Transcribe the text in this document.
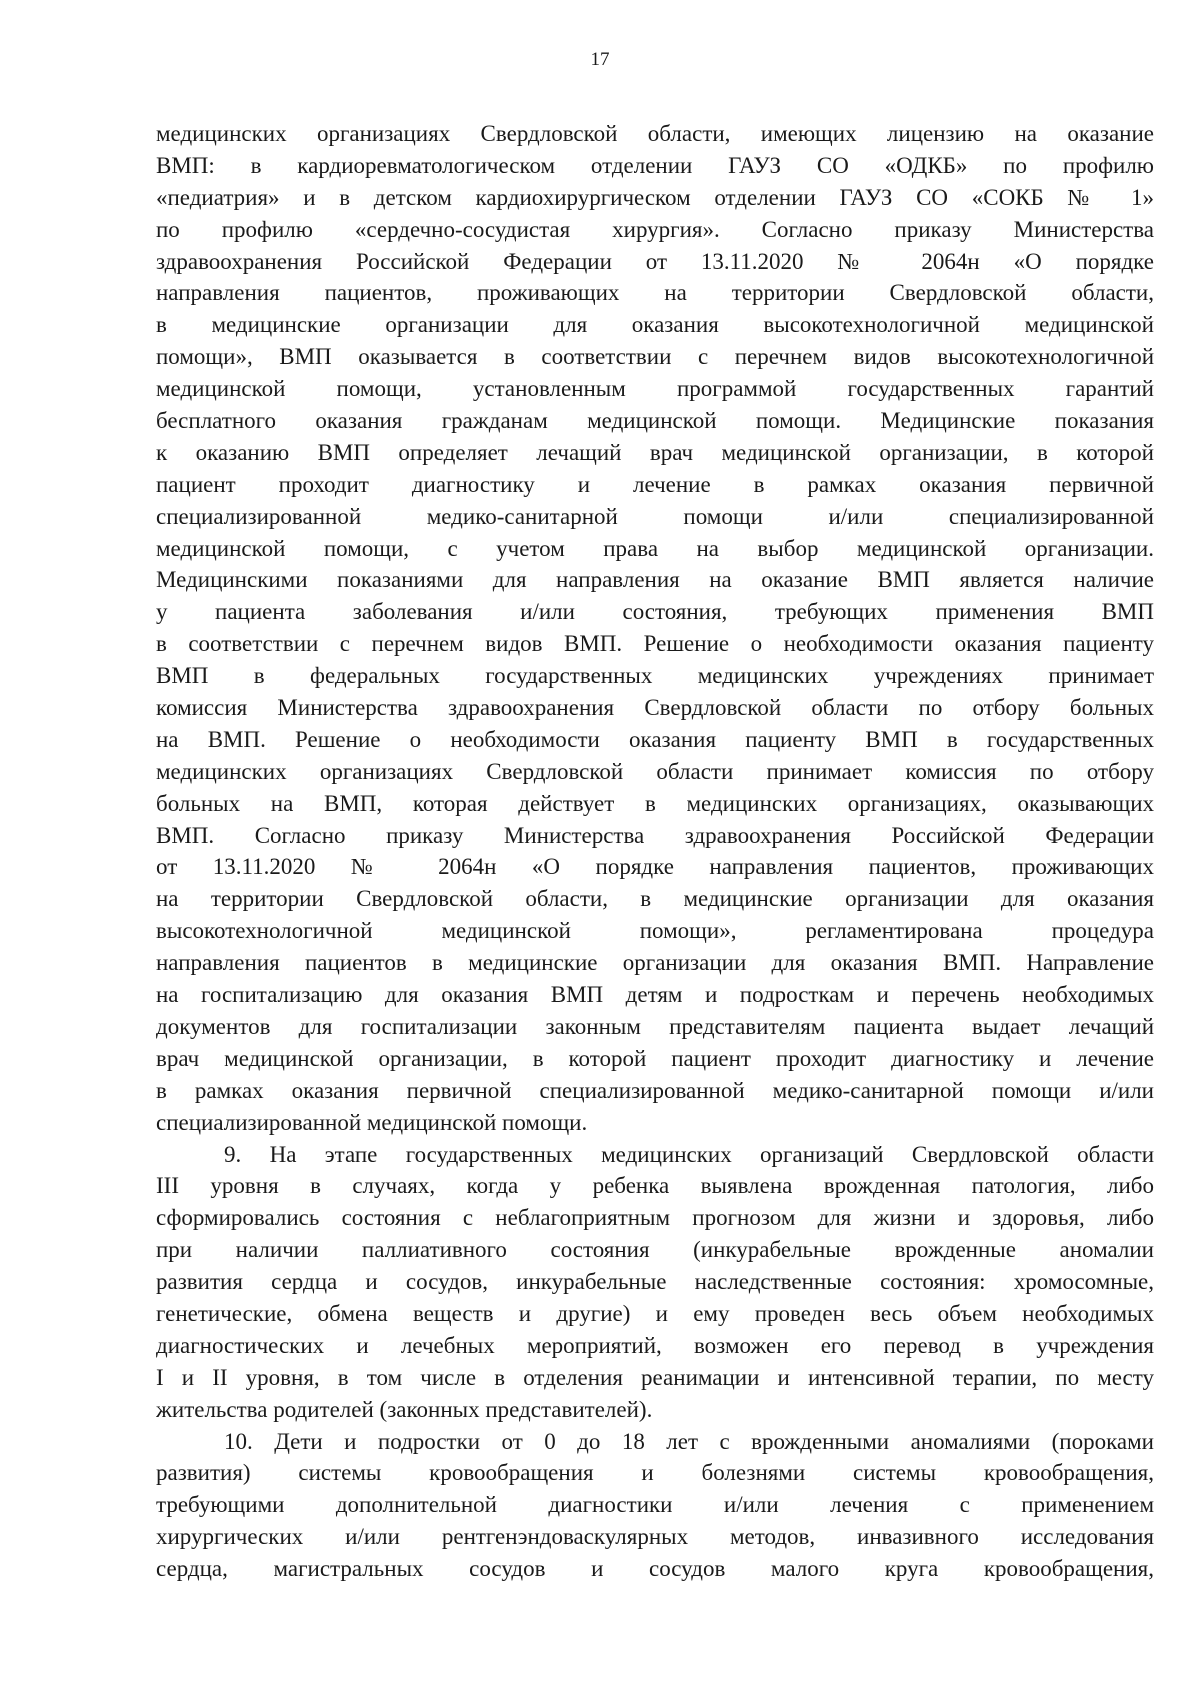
17
медицинских организациях Свердловской области, имеющих лицензию на оказание
ВМП: в кардиоревматологическом отделении ГАУЗ СО «ОДКБ» по профилю
«педиатрия» и в детском кардиохирургическом отделении ГАУЗ СО «СОКБ № 1»
по профилю «сердечно-сосудистая хирургия». Согласно приказу Министерства
здравоохранения Российской Федерации от 13.11.2020 № 2064н «О порядке
направления пациентов, проживающих на территории Свердловской области,
в медицинские организации для оказания высокотехнологичной медицинской
помощи», ВМП оказывается в соответствии с перечнем видов высокотехнологичной
медицинской помощи, установленным программой государственных гарантий
бесплатного оказания гражданам медицинской помощи. Медицинские показания
к оказанию ВМП определяет лечащий врач медицинской организации, в которой
пациент проходит диагностику и лечение в рамках оказания первичной
специализированной медико-санитарной помощи и/или специализированной
медицинской помощи, с учетом права на выбор медицинской организации.
Медицинскими показаниями для направления на оказание ВМП является наличие
у пациента заболевания и/или состояния, требующих применения ВМП
в соответствии с перечнем видов ВМП. Решение о необходимости оказания пациенту
ВМП в федеральных государственных медицинских учреждениях принимает
комиссия Министерства здравоохранения Свердловской области по отбору больных
на ВМП. Решение о необходимости оказания пациенту ВМП в государственных
медицинских организациях Свердловской области принимает комиссия по отбору
больных на ВМП, которая действует в медицинских организациях, оказывающих
ВМП. Согласно приказу Министерства здравоохранения Российской Федерации
от 13.11.2020 № 2064н «О порядке направления пациентов, проживающих
на территории Свердловской области, в медицинские организации для оказания
высокотехнологичной медицинской помощи», регламентирована процедура
направления пациентов в медицинские организации для оказания ВМП. Направление
на госпитализацию для оказания ВМП детям и подросткам и перечень необходимых
документов для госпитализации законным представителям пациента выдает лечащий
врач медицинской организации, в которой пациент проходит диагностику и лечение
в рамках оказания первичной специализированной медико-санитарной помощи и/или
специализированной медицинской помощи.
9. На этапе государственных медицинских организаций Свердловской области
III уровня в случаях, когда у ребенка выявлена врожденная патология, либо
сформировались состояния с неблагоприятным прогнозом для жизни и здоровья, либо
при наличии паллиативного состояния (инкурабельные врожденные аномалии
развития сердца и сосудов, инкурабельные наследственные состояния: хромосомные,
генетические, обмена веществ и другие) и ему проведен весь объем необходимых
диагностических и лечебных мероприятий, возможен его перевод в учреждения
I и II уровня, в том числе в отделения реанимации и интенсивной терапии, по месту
жительства родителей (законных представителей).
10. Дети и подростки от 0 до 18 лет с врожденными аномалиями (пороками
развития) системы кровообращения и болезнями системы кровообращения,
требующими дополнительной диагностики и/или лечения с применением
хирургических и/или рентгенэндоваскулярных методов, инвазивного исследования
сердца, магистральных сосудов и сосудов малого круга кровообращения,
